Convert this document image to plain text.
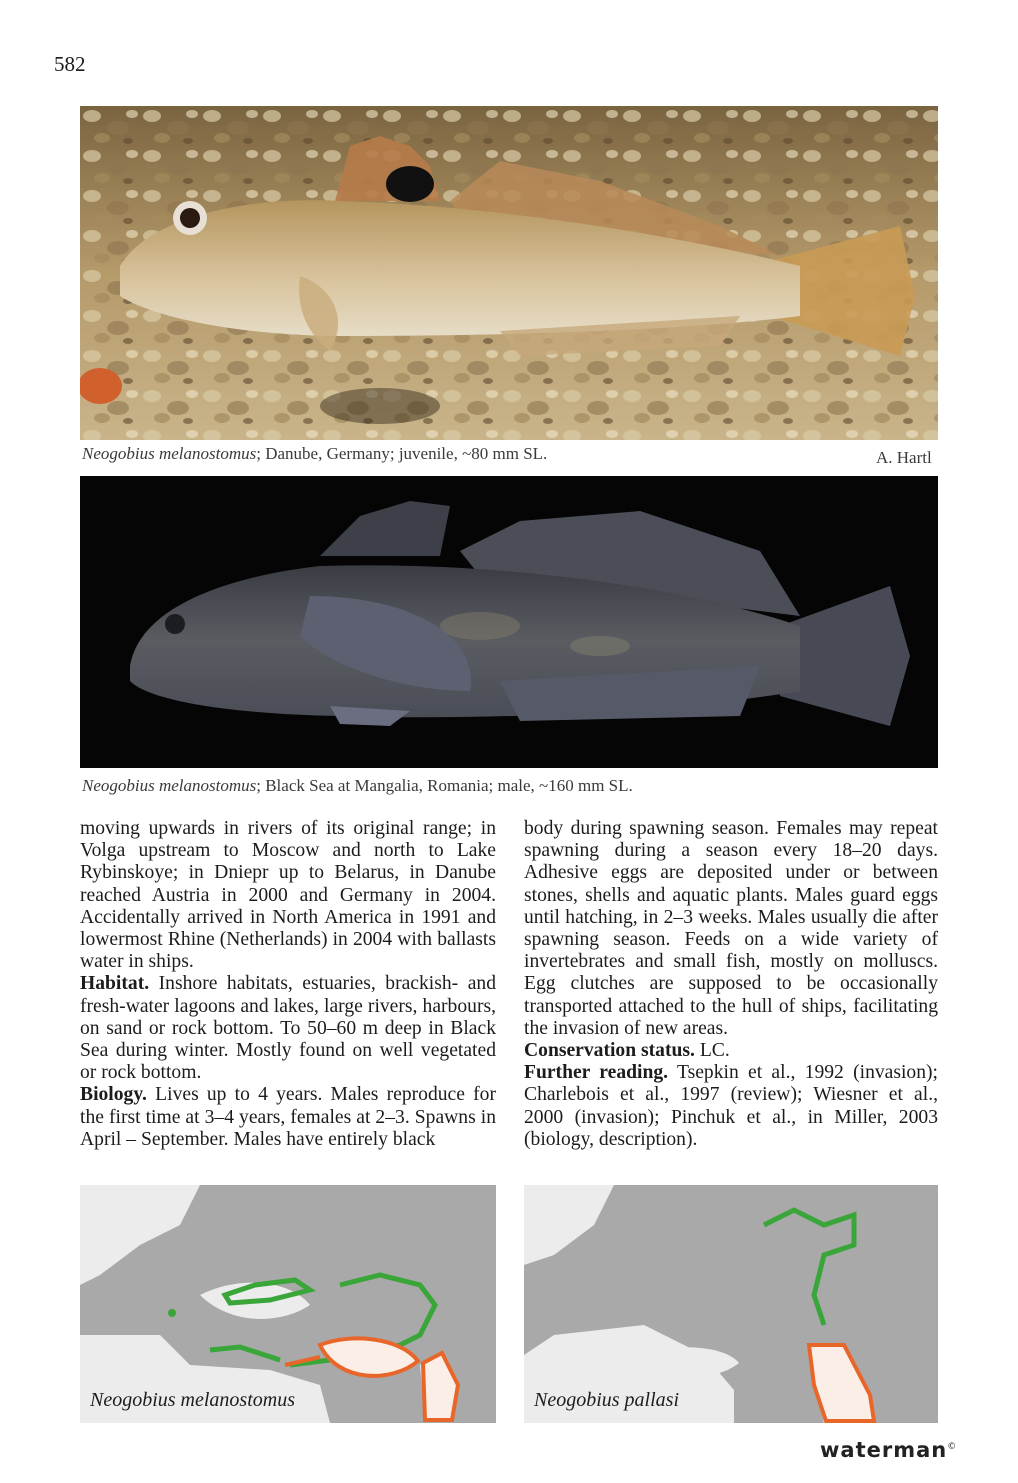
582
Neogobius melanostomus; Danube, Germany; juvenile, ~80 mm SL.	A. Hartl
Neogobius melanostomus; Black Sea at Mangalia, Romania; male, ~160 mm SL.

moving upwards in rivers of its original range; in Volga upstream to Moscow and north to Lake Rybinskoye; in Dniepr up to Belarus, in Danube reached Austria in 2000 and Germany in 2004. Accidentally arrived in North America in 1991 and lowermost Rhine (Netherlands) in 2004 with ballasts water in ships.

Habitat. Inshore habitats, estuaries, brackish- and fresh-water lagoons and lakes, large rivers, harbours, on sand or rock bottom. To 50–60 m deep in Black Sea during winter. Mostly found on well vegetated or rock bottom.

Biology. Lives up to 4 years. Males reproduce for the first time at 3–4 years, females at 2–3. Spawns in April – September. Males have entirely black

body during spawning season. Females may repeat spawning during a season every 18–20 days. Adhesive eggs are deposited under or between stones, shells and aquatic plants. Males guard eggs until hatching, in 2–3 weeks. Males usually die after spawning season. Feeds on a wide variety of invertebrates and small fish, mostly on molluscs. Egg clutches are supposed to be occasionally transported attached to the hull of ships, facilitating the invasion of new areas.

Conservation status. LC.

Further reading. Tsepkin et al., 1992 (invasion); Charlebois et al., 1997 (review); Wiesner et al., 2000 (invasion); Pinchuk et al., in Miller, 2003 (biology, description).

Neogobius melanostomus	Neogobius pallasi
waterman©
